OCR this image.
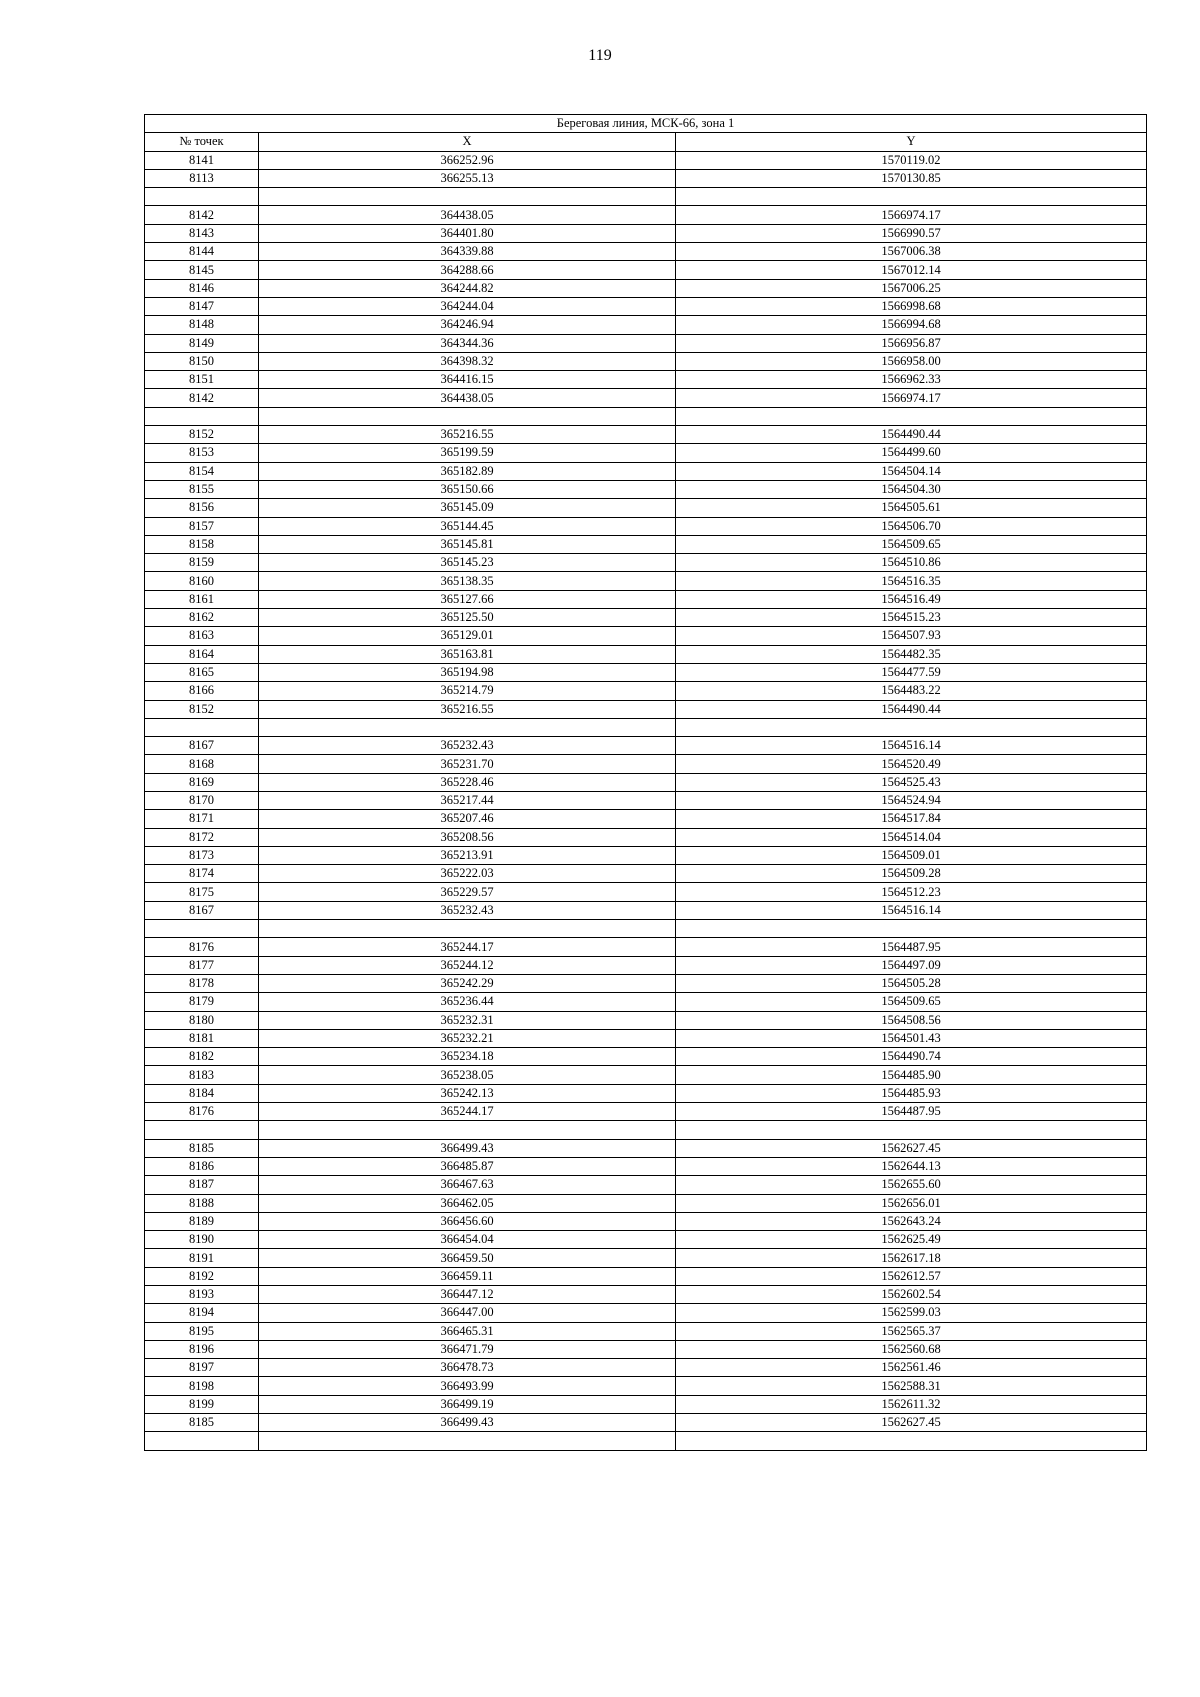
119
Береговая линия, МСК-66, зона 1		
№ точек	X	Y
8141	366252.96	1570119.02
8113	366255.13	1570130.85

8142	364438.05	1566974.17
8143	364401.80	1566990.57
8144	364339.88	1567006.38
8145	364288.66	1567012.14
8146	364244.82	1567006.25
8147	364244.04	1566998.68
8148	364246.94	1566994.68
8149	364344.36	1566956.87
8150	364398.32	1566958.00
8151	364416.15	1566962.33
8142	364438.05	1566974.17

8152	365216.55	1564490.44
8153	365199.59	1564499.60
8154	365182.89	1564504.14
8155	365150.66	1564504.30
8156	365145.09	1564505.61
8157	365144.45	1564506.70
8158	365145.81	1564509.65
8159	365145.23	1564510.86
8160	365138.35	1564516.35
8161	365127.66	1564516.49
8162	365125.50	1564515.23
8163	365129.01	1564507.93
8164	365163.81	1564482.35
8165	365194.98	1564477.59
8166	365214.79	1564483.22
8152	365216.55	1564490.44

8167	365232.43	1564516.14
8168	365231.70	1564520.49
8169	365228.46	1564525.43
8170	365217.44	1564524.94
8171	365207.46	1564517.84
8172	365208.56	1564514.04
8173	365213.91	1564509.01
8174	365222.03	1564509.28
8175	365229.57	1564512.23
8167	365232.43	1564516.14

8176	365244.17	1564487.95
8177	365244.12	1564497.09
8178	365242.29	1564505.28
8179	365236.44	1564509.65
8180	365232.31	1564508.56
8181	365232.21	1564501.43
8182	365234.18	1564490.74
8183	365238.05	1564485.90
8184	365242.13	1564485.93
8176	365244.17	1564487.95

8185	366499.43	1562627.45
8186	366485.87	1562644.13
8187	366467.63	1562655.60
8188	366462.05	1562656.01
8189	366456.60	1562643.24
8190	366454.04	1562625.49
8191	366459.50	1562617.18
8192	366459.11	1562612.57
8193	366447.12	1562602.54
8194	366447.00	1562599.03
8195	366465.31	1562565.37
8196	366471.79	1562560.68
8197	366478.73	1562561.46
8198	366493.99	1562588.31
8199	366499.19	1562611.32
8185	366499.43	1562627.45
